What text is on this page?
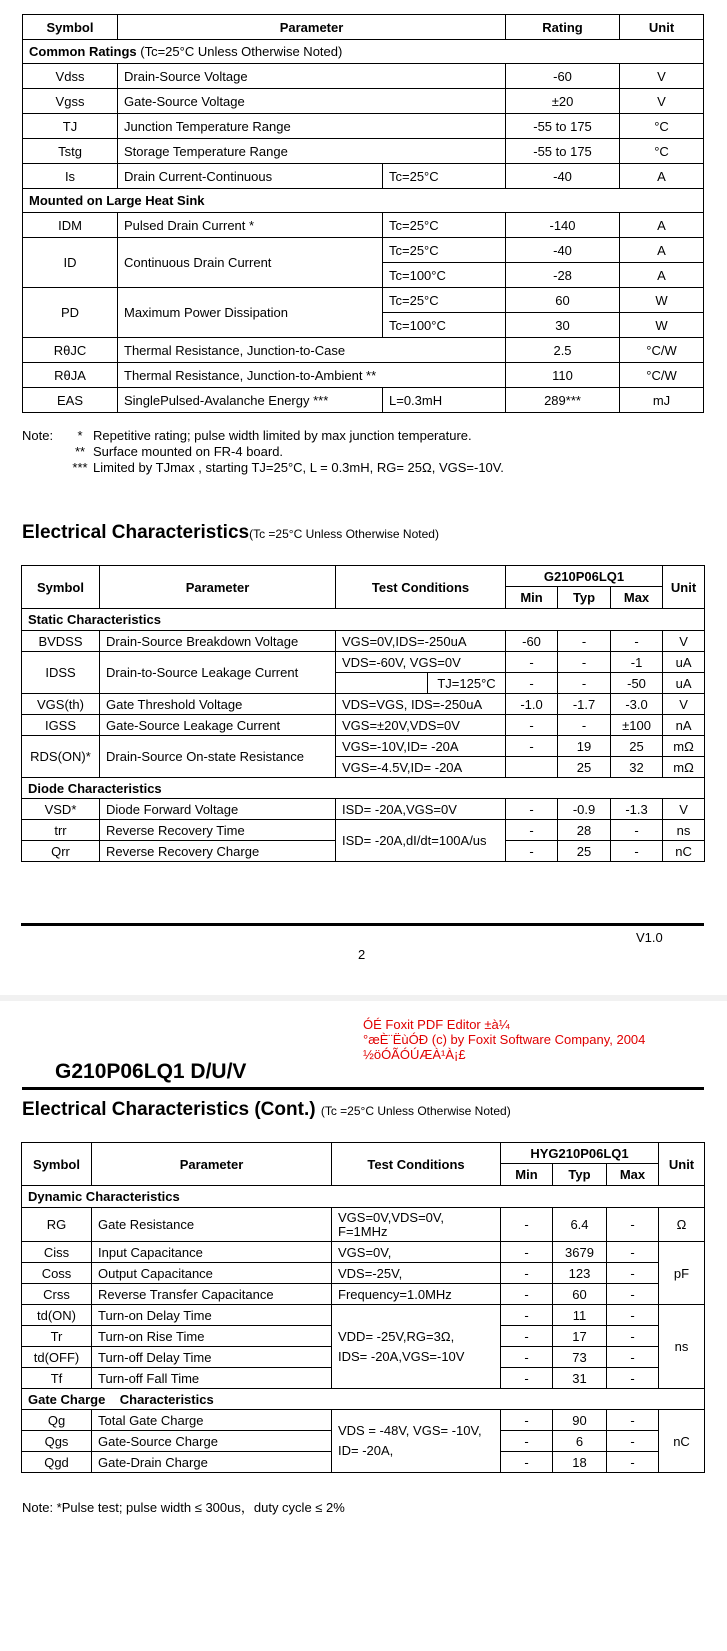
Symbol	Parameter		Rating	Unit
Common Ratings (Tc=25°C Unless Otherwise Noted)				
Vdss	Drain-Source Voltage		-60	V
Vgss	Gate-Source Voltage		±20	V
TJ	Junction Temperature Range		-55 to 175	°C
Tstg	Storage Temperature Range		-55 to 175	°C
Is	Drain Current-Continuous	Tc=25°C	-40	A
Mounted on Large Heat Sink				
IDM	Pulsed Drain Current *	Tc=25°C	-140	A
ID	Continuous Drain Current	Tc=25°C	-40	A
		Tc=100°C	-28	A
PD	Maximum Power Dissipation	Tc=25°C	60	W
		Tc=100°C	30	W
RθJC	Thermal Resistance, Junction-to-Case		2.5	°C/W
RθJA	Thermal Resistance, Junction-to-Ambient **		110	°C/W
EAS	SinglePulsed-Avalanche Energy ***	L=0.3mH	289***	mJ
Note: * Repetitive rating; pulse width limited by max junction temperature.
** Surface mounted on FR-4 board.
*** Limited by TJmax , starting TJ=25°C, L = 0.3mH, RG= 25Ω, VGS=-10V.
Electrical Characteristics(Tc =25°C Unless Otherwise Noted)
Symbol	Parameter	Test Conditions		G210P06LQ1			Unit
				Min	Typ	Max	
Static Characteristics							
BVDSS	Drain-Source Breakdown Voltage	VGS=0V,IDS=-250uA		-60	-	-	V
IDSS	Drain-to-Source Leakage Current	VDS=-60V, VGS=0V		-	-	-1	uA
			TJ=125°C	-	-	-50	uA
VGS(th)	Gate Threshold Voltage	VDS=VGS, IDS=-250uA		-1.0	-1.7	-3.0	V
IGSS	Gate-Source Leakage Current	VGS=±20V,VDS=0V		-	-	±100	nA
RDS(ON)*	Drain-Source On-state Resistance	VGS=-10V,ID= -20A		-	19	25	mΩ
		VGS=-4.5V,ID= -20A			25	32	mΩ
Diode Characteristics							
VSD*	Diode Forward Voltage	ISD= -20A,VGS=0V		-	-0.9	-1.3	V
trr	Reverse Recovery Time	ISD= -20A,dI/dt=100A/us		-	28	-	ns
Qrr	Reverse Recovery Charge			-	25	-	nC
V1.0
2
ÓÉ Foxit PDF Editor ±à¼
°æÈ¨ËùÓÐ (c) by Foxit Software Company, 2004
½öÓÃÓÚÆÀ¹À¡£
G210P06LQ1 D/U/V
Electrical Characteristics (Cont.) (Tc =25°C Unless Otherwise Noted)
Symbol	Parameter	Test Conditions	HYG210P06LQ1			Unit
			Min	Typ	Max	
Dynamic Characteristics						
RG	Gate Resistance	VGS=0V,VDS=0V,
F=1MHz	-	6.4	-	Ω
Ciss	Input Capacitance	VGS=0V,	-	3679	-	pF
Coss	Output Capacitance	VDS=-25V,	-	123	-	
Crss	Reverse Transfer Capacitance	Frequency=1.0MHz	-	60	-	
td(ON)	Turn-on Delay Time	VDD= -25V,RG=3Ω,
IDS= -20A,VGS=-10V	-	11	-	ns
Tr	Turn-on Rise Time		-	17	-	
td(OFF)	Turn-off Delay Time		-	73	-	
Tf	Turn-off Fall Time		-	31	-	
Gate Charge    Characteristics						
Qg	Total Gate Charge	VDS = -48V, VGS= -10V,
ID= -20A,	-	90	-	nC
Qgs	Gate-Source Charge		-	6	-	
Qgd	Gate-Drain Charge		-	18	-	
Note: *Pulse test; pulse width ≤ 300us，duty cycle ≤ 2%
